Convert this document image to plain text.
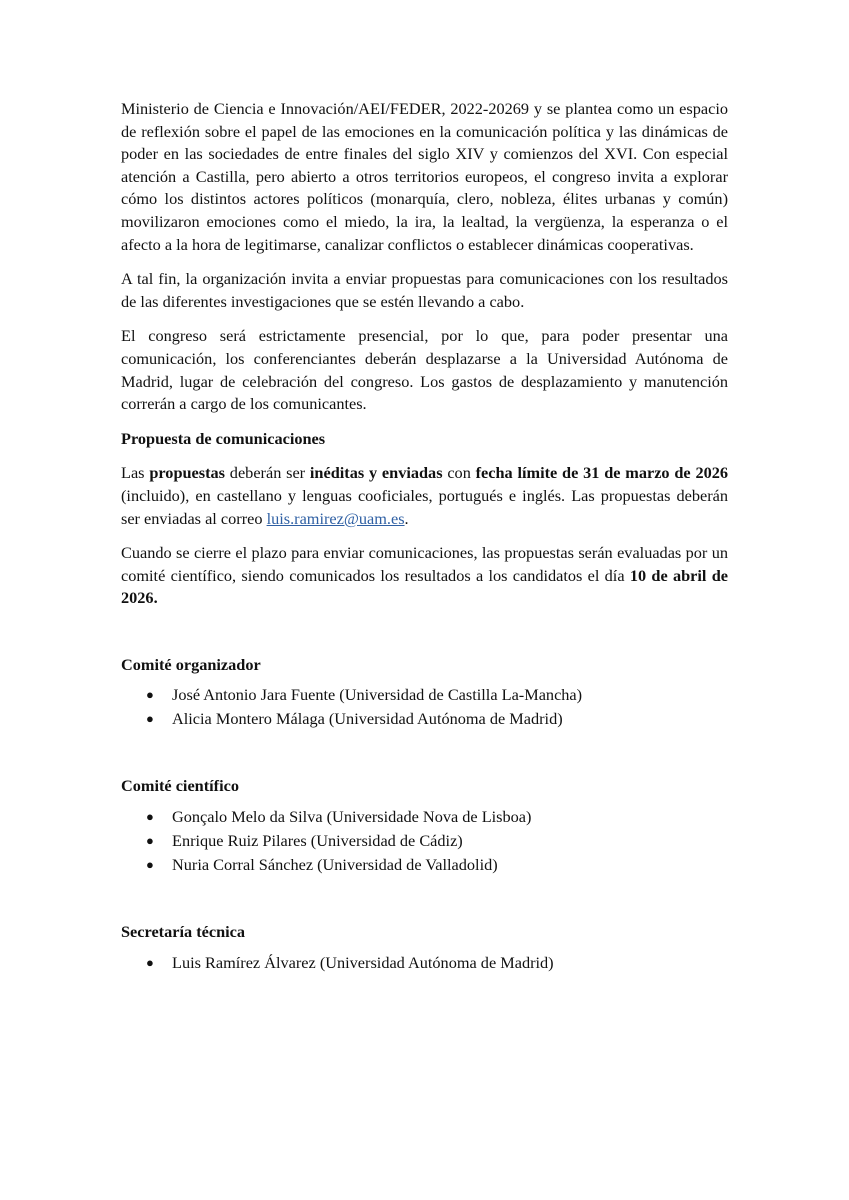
Ministerio de Ciencia e Innovación/AEI/FEDER, 2022-20269 y se plantea como un espacio de reflexión sobre el papel de las emociones en la comunicación política y las dinámicas de poder en las sociedades de entre finales del siglo XIV y comienzos del XVI. Con especial atención a Castilla, pero abierto a otros territorios europeos, el congreso invita a explorar cómo los distintos actores políticos (monarquía, clero, nobleza, élites urbanas y común) movilizaron emociones como el miedo, la ira, la lealtad, la vergüenza, la esperanza o el afecto a la hora de legitimarse, canalizar conflictos o establecer dinámicas cooperativas.

A tal fin, la organización invita a enviar propuestas para comunicaciones con los resultados de las diferentes investigaciones que se estén llevando a cabo.

El congreso será estrictamente presencial, por lo que, para poder presentar una comunicación, los conferenciantes deberán desplazarse a la Universidad Autónoma de Madrid, lugar de celebración del congreso. Los gastos de desplazamiento y manutención correrán a cargo de los comunicantes.

Propuesta de comunicaciones

Las propuestas deberán ser inéditas y enviadas con fecha límite de 31 de marzo de 2026 (incluido), en castellano y lenguas cooficiales, portugués e inglés. Las propuestas deberán ser enviadas al correo luis.ramirez@uam.es.

Cuando se cierre el plazo para enviar comunicaciones, las propuestas serán evaluadas por un comité científico, siendo comunicados los resultados a los candidatos el día 10 de abril de 2026.

Comité organizador
● José Antonio Jara Fuente (Universidad de Castilla La-Mancha)
● Alicia Montero Málaga (Universidad Autónoma de Madrid)
Comité científico
● Gonçalo Melo da Silva (Universidade Nova de Lisboa)
● Enrique Ruiz Pilares (Universidad de Cádiz)
● Nuria Corral Sánchez (Universidad de Valladolid)
Secretaría técnica
● Luis Ramírez Álvarez (Universidad Autónoma de Madrid)
